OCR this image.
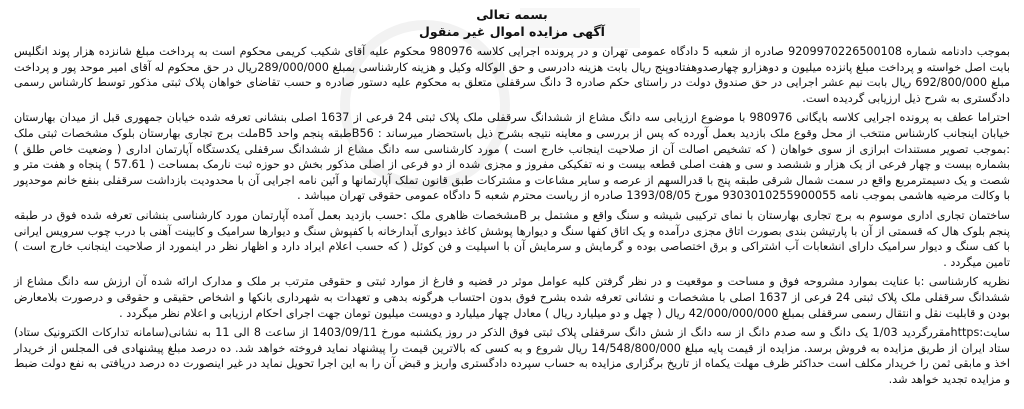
بسمه تعالی
آگهی مزایده اموال غیر منقول

بموجب دادنامه شماره 9209970226500108 صادره از شعبه 5 دادگاه عمومی تهران و در پرونده اجرایی کلاسه 980976 محکوم علیه آقای شکیب کریمی محکوم است به پرداخت مبلغ شانزده هزار پوند انگلیس بابت اصل خواسته و پرداخت مبلغ پانزده میلیون و دوهزارو چهارصدوهفتادوپنج ریال بابت هزینه دادرسی و حق الوکاله وکیل و هزینه کارشناسی بمبلغ 289/000/000ریال در حق محکوم له آقای امیر موحد پور و پرداخت مبلغ 692/800/000 ریال بابت نیم عشر اجرایی در حق صندوق دولت در راستای حکم صادره 3 دانگ سرقفلی متعلق به محکوم علیه دستور صادره و حسب تقاضای خواهان پلاک ثبتی مذکور توسط کارشناس رسمی دادگستری به شرح ذیل ارزیابی گردیده است.

احتراما عطف به پرونده اجرایی کلاسه بایگانی 980976 با موضوع ارزیابی سه دانگ مشاع از ششدانگ سرقفلی ملک پلاک ثبتی 24 فرعی از 1637 اصلی بنشانی تعرفه شده خیابان جمهوری قبل از میدان بهارستان خیابان اینجانب کارشناس منتخب از محل وقوع ملک بازدید بعمل آورده که پس از بررسی و معاینه نتیجه بشرح ذیل باستحضار میرساند : B56طبقه پنجم واحد B5ملت برج تجاری بهارستان بلوک مشخصات ثبتی ملک :بموجب تصویر مستندات ابرازی از سوی خواهان ( که تشخیص اصالت آن از صلاحیت اینجانب خارج است ) مورد کارشناسی سه دانگ مشاع از ششدانگ سرقفلی یکدستگاه آپارتمان اداری ( وضعیت خاص طلق ) بشماره بیست و چهار فرعی از یک هزار و ششصد و سی و هفت اصلی قطعه بیست و نه تفکیکی مفروز و مجزی شده از دو فرعی از اصلی مذکور بخش دو حوزه ثبت نارمک بمساحت ( 57.61 ) پنجاه و هفت متر و شصت و یک دسیمترمربع واقع در سمت شمال شرقی طبقه پنج با قدرالسهم از عرصه و سایر مشاعات و مشترکات طبق قانون تملک آپارتمانها و آئین نامه اجرایی آن با محدودیت بازداشت سرقفلی بنفع خانم موحدپور با وکالت مرضیه هاشمی بموجب نامه 9303010255900055 مورخ 1393/08/05 صادره از ریاست محترم شعبه 5 دادگاه عمومی حقوقی تهران میباشد .

ساختمان تجاری اداری موسوم به برج تجاری بهارستان با نمای ترکیبی شیشه و سنگ واقع و مشتمل بر Bمشخصات ظاهری ملک :حسب بازدید بعمل آمده آپارتمان مورد کارشناسی بنشانی تعرفه شده فوق در طبقه پنجم بلوک هال که قسمتی از آن با پارتیشن بندی بصورت اتاق مجزی درآمده و یک اتاق کفها سنگ و دیوارها پوشش کاغذ دیواری آبدارخانه با کفپوش سنگ و دیوارها سرامیک و کابینت آهنی با درب چوب سرویس ایرانی با کف سنگ و دیوار سرامیک دارای انشعابات آب اشتراکی و برق اختصاصی بوده و گرمایش و سرمایش آن با اسپلیت و فن کوئل ( که حسب اعلام ایراد دارد و اظهار نظر در اینمورد از صلاحیت اینجانب خارج است ) تامین میگردد .

نظریه کارشناسی :با عنایت بموارد مشروحه فوق و مساحت و موقعیت و در نظر گرفتن کلیه عوامل موثر در قضیه و فارغ از موارد ثبتی و حقوقی مترتب بر ملک و مدارک ارائه شده آن ارزش سه دانگ مشاع از ششدانگ سرقفلی ملک پلاک ثبتی 24 فرعی از 1637 اصلی با مشخصات و نشانی تعرفه شده بشرح فوق بدون احتساب هرگونه بدهی و تعهدات به شهرداری بانکها و اشخاص حقیقی و حقوقی و درصورت بلامعارض بودن و قابلیت نقل و انتقال رسمی سرقفلی بمبلغ 42/000/000/000 ریال ( چهل و دو میلیارد ریال ) معادل چهار میلیارد و دویست میلیون تومان جهت اجرای احکام ارزیابی و اعلام نظر میگردد .

سایت:httpsمقررگردید 1/03 یک دانگ و سه صدم دانگ از سه دانگ از شش دانگ سرقفلی پلاک ثبتی فوق الذکر در روز یکشنبه مورخ 1403/09/11 از ساعت 8 الی 11 به نشانی(سامانه تدارکات الکترونیک ستاد) ستاد ایران از طریق مزایده به فروش برسد. مزایده از قیمت پایه مبلغ 14/548/800/000 ریال شروع و به کسی که بالاترین قیمت را پیشنهاد نماید فروخته خواهد شد. ده درصد مبلغ پیشنهادی فی المجلس از خریدار اخذ و مابقی ثمن را خریدار مکلف است حداکثر ظرف مهلت یکماه از تاریخ برگزاری مزایده به حساب سپرده دادگستری واریز و قبض آن را به این اجرا تحویل نماید در غیر اینصورت ده درصد دریافتی به نفع دولت ضبط و مزایده تجدید خواهد شد.
